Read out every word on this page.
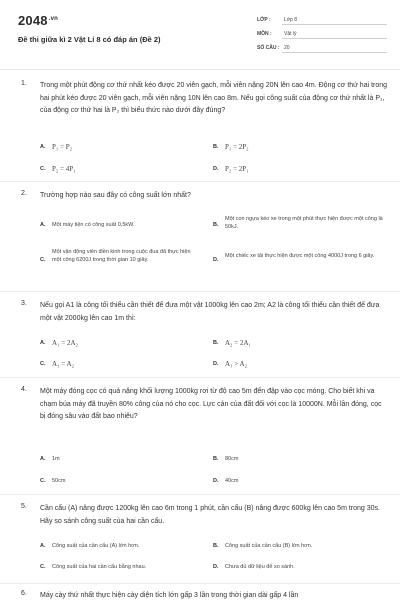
$2048^{.vn}$
Đề thi giữa kì 2 Vật Lí 8 có đáp án (Đề 2)
LỚP :	Lớp 8
MÔN : Vật lý
SỐ CÂU : 20
1. Trong một phút động cơ thứ nhất kéo được 20 viên gạch, mỗi viên nặng 20N lên cao 4m. Động cơ thứ hai trong hai phút kéo được 20 viên gạch, mỗi viên nặng 10N lên cao 8m. Nếu gọi công suất của động cơ thứ nhất là P₁, của động cơ thứ hai là P₂ thì biểu thức nào dưới đây đúng?
A. P₁ = P₂	B. P₁ = 2P₂
C. P₂ = 4P₁	D. P₂ = 2P₁
2. Trường hợp nào sau đây có công suất lớn nhất?
A. Một máy tiện có công suất 0,5kW.	B.
Một con ngựa kéo xe trong một phút thực hiện được một công là 50kJ.
C.
Một vận động viên điền kinh trong cuộc đua đã thực hiện một công 6200J trong thời gian 10 giây.	D.
Một chiếc xe tải thực hiện được một công 4000J trong 6 giây.
3. Nếu gọi A1 là công tối thiểu cần thiết để đưa một vật 1000kg lên cao 2m; A2 là công tối thiểu cần thiết để đưa một vật 2000kg lên cao 1m thì:
A. A₁ = 2A₂	B. A₂ = 2A₁
C. A₁ = A₂	D. A₁ > A₂
4. Một máy đóng cọc có quả nặng khối lượng 1000kg rơi từ độ cao 5m đến đập vào cọc móng. Cho biết khi va chạm búa máy đã truyền 80% công của nó cho cọc. Lực cản của đất đối với cọc là 10000N. Mỗi lần đóng, cọc bị đóng sâu vào đất bao nhiêu?
A. 1m	B. 80cm
C. 50cm	D. 40cm
5. Cần cẩu (A) nâng được 1200kg lên cao 6m trong 1 phút, cần cẩu (B) nâng được 600kg lên cao 5m trong 30s. Hãy so sánh công suất của hai cần cẩu.
A. Công suất của cần cẩu (A) lớn hơn.	B. Công suất của cần cẩu (B) lớn hơn.
C. Công suất của hai cần cẩu bằng nhau.	D. Chưa đủ dữ liệu để so sánh.
6. Máy cày thứ nhất thực hiện cày diện tích lớn gấp 3 lần trong thời gian dài gấp 4 lần
